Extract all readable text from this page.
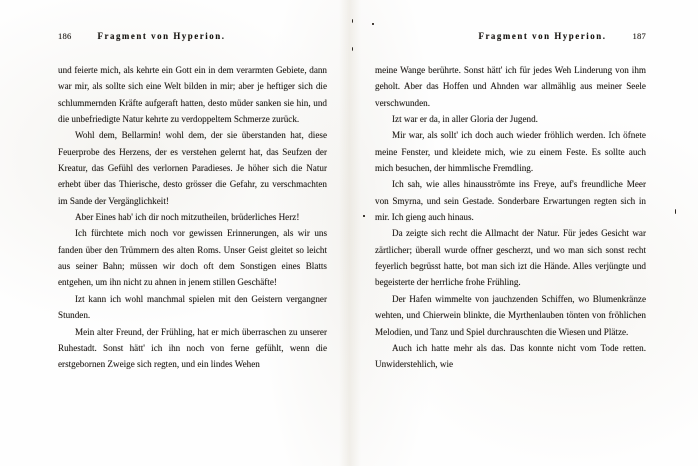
186	Fragment von Hyperion.

und feierte mich, als kehrte ein Gott ein in dem verarmten Gebiete, dann war mir, als sollte sich eine Welt bilden in mir; aber je heftiger sich die schlummernden Kräfte aufgeraft hatten, desto müder sanken sie hin, und die unbefriedigte Natur kehrte zu verdoppeltem Schmerze zurück.

Wohl dem, Bellarmin! wohl dem, der sie überstanden hat, diese Feuerprobe des Herzens, der es verstehen gelernt hat, das Seufzen der Kreatur, das Gefühl des verlornen Paradieses. Je höher sich die Natur erhebt über das Thierische, desto grösser die Gefahr, zu verschmachten im Sande der Vergänglichkeit!

Aber Eines hab' ich dir noch mitzutheilen, brüderliches Herz!

Ich fürchtete mich noch vor gewissen Erinnerungen, als wir uns fanden über den Trümmern des alten Roms. Unser Geist gleitet so leicht aus seiner Bahn; müssen wir doch oft dem Sonstigen eines Blatts entgehen, um ihn nicht zu ahnen in jenem stillen Geschäfte!

Izt kann ich wohl manchmal spielen mit den Geistern vergangner Stunden.

Mein alter Freund, der Frühling, hat er mich überraschen zu unserer Ruhestadt. Sonst hätt' ich ihn noch von ferne gefühlt, wenn die erstgebornen Zweige sich regten, und ein lindes Wehen

Fragment von Hyperion.	187

meine Wange berührte. Sonst hätt' ich für jedes Weh Linderung von ihm geholt. Aber das Hoffen und Ahnden war allmählig aus meiner Seele verschwunden.

Izt war er da, in aller Gloria der Jugend.

Mir war, als sollt' ich doch auch wieder fröhlich werden. Ich öfnete meine Fenster, und kleidete mich, wie zu einem Feste. Es sollte auch mich besuchen, der himmlische Fremdling.

Ich sah, wie alles hinausströmte ins Freye, auf's freundliche Meer von Smyrna, und sein Gestade. Sonderbare Erwartungen regten sich in mir. Ich gieng auch hinaus.

Da zeigte sich recht die Allmacht der Natur. Für jedes Gesicht war zärtlicher; überall wurde offner gescherzt, und wo man sich sonst recht feyerlich begrüsst hatte, bot man sich izt die Hände. Alles verjüngte und begeisterte der herrliche frohe Frühling.

Der Hafen wimmelte von jauchzenden Schiffen, wo Blumenkränze wehten, und Chierwein blinkte, die Myrthenlauben tönten von fröhlichen Melodien, und Tanz und Spiel durchrauschten die Wiesen und Plätze.

Auch ich hatte mehr als das. Das konnte nicht vom Tode retten. Unwiderstehlich, wie
